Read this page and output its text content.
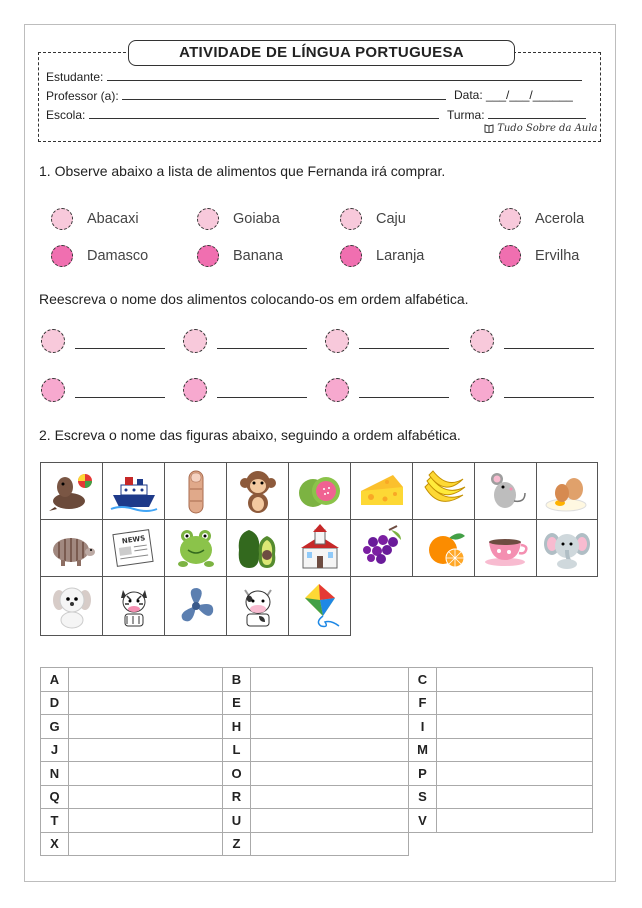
ATIVIDADE DE LÍNGUA PORTUGUESA
Estudante:
Professor (a):	Data: ___/___/______
Escola:	Turma:
Tudo Sobre da Aula
1. Observe abaixo a lista de alimentos que Fernanda irá comprar.
Abacaxi	Goiaba	Caju	Acerola
Damasco	Banana	Laranja	Ervilha
Reescreva o nome dos alimentos colocando-os em ordem alfabética.
2. Escreva o nome das figuras abaixo, seguindo a ordem alfabética.
NEWS
A		B		C	
D		E		F	
G		H		I	
J		L		M	
N		O		P	
Q		R		S	
T		U		V	
X		Z			
